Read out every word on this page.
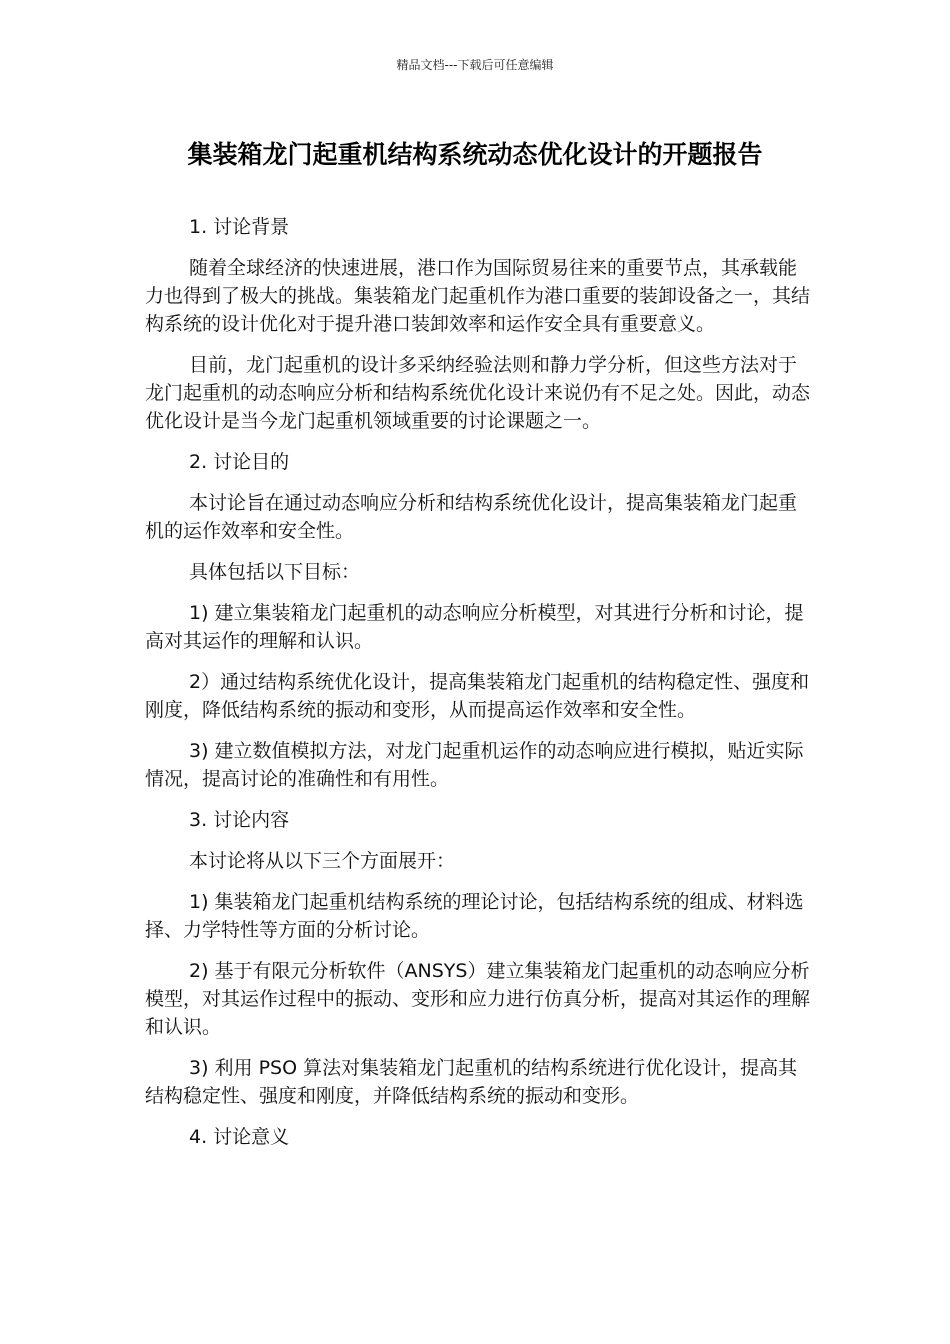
精品文档---下载后可任意编辑
集装箱龙门起重机结构系统动态优化设计的开题报告

1. 讨论背景

随着全球经济的快速进展，港口作为国际贸易往来的重要节点，其承载能力也得到了极大的挑战。集装箱龙门起重机作为港口重要的装卸设备之一，其结构系统的设计优化对于提升港口装卸效率和运作安全具有重要意义。

目前，龙门起重机的设计多采纳经验法则和静力学分析，但这些方法对于龙门起重机的动态响应分析和结构系统优化设计来说仍有不足之处。因此，动态优化设计是当今龙门起重机领域重要的讨论课题之一。

2. 讨论目的

本讨论旨在通过动态响应分析和结构系统优化设计，提高集装箱龙门起重机的运作效率和安全性。

具体包括以下目标：

1) 建立集装箱龙门起重机的动态响应分析模型，对其进行分析和讨论，提高对其运作的理解和认识。

2）通过结构系统优化设计，提高集装箱龙门起重机的结构稳定性、强度和刚度，降低结构系统的振动和变形，从而提高运作效率和安全性。

3) 建立数值模拟方法，对龙门起重机运作的动态响应进行模拟，贴近实际情况，提高讨论的准确性和有用性。

3. 讨论内容

本讨论将从以下三个方面展开：

1) 集装箱龙门起重机结构系统的理论讨论，包括结构系统的组成、材料选择、力学特性等方面的分析讨论。

2) 基于有限元分析软件（ANSYS）建立集装箱龙门起重机的动态响应分析模型，对其运作过程中的振动、变形和应力进行仿真分析，提高对其运作的理解和认识。

3) 利用 PSO 算法对集装箱龙门起重机的结构系统进行优化设计，提高其结构稳定性、强度和刚度，并降低结构系统的振动和变形。

4. 讨论意义
